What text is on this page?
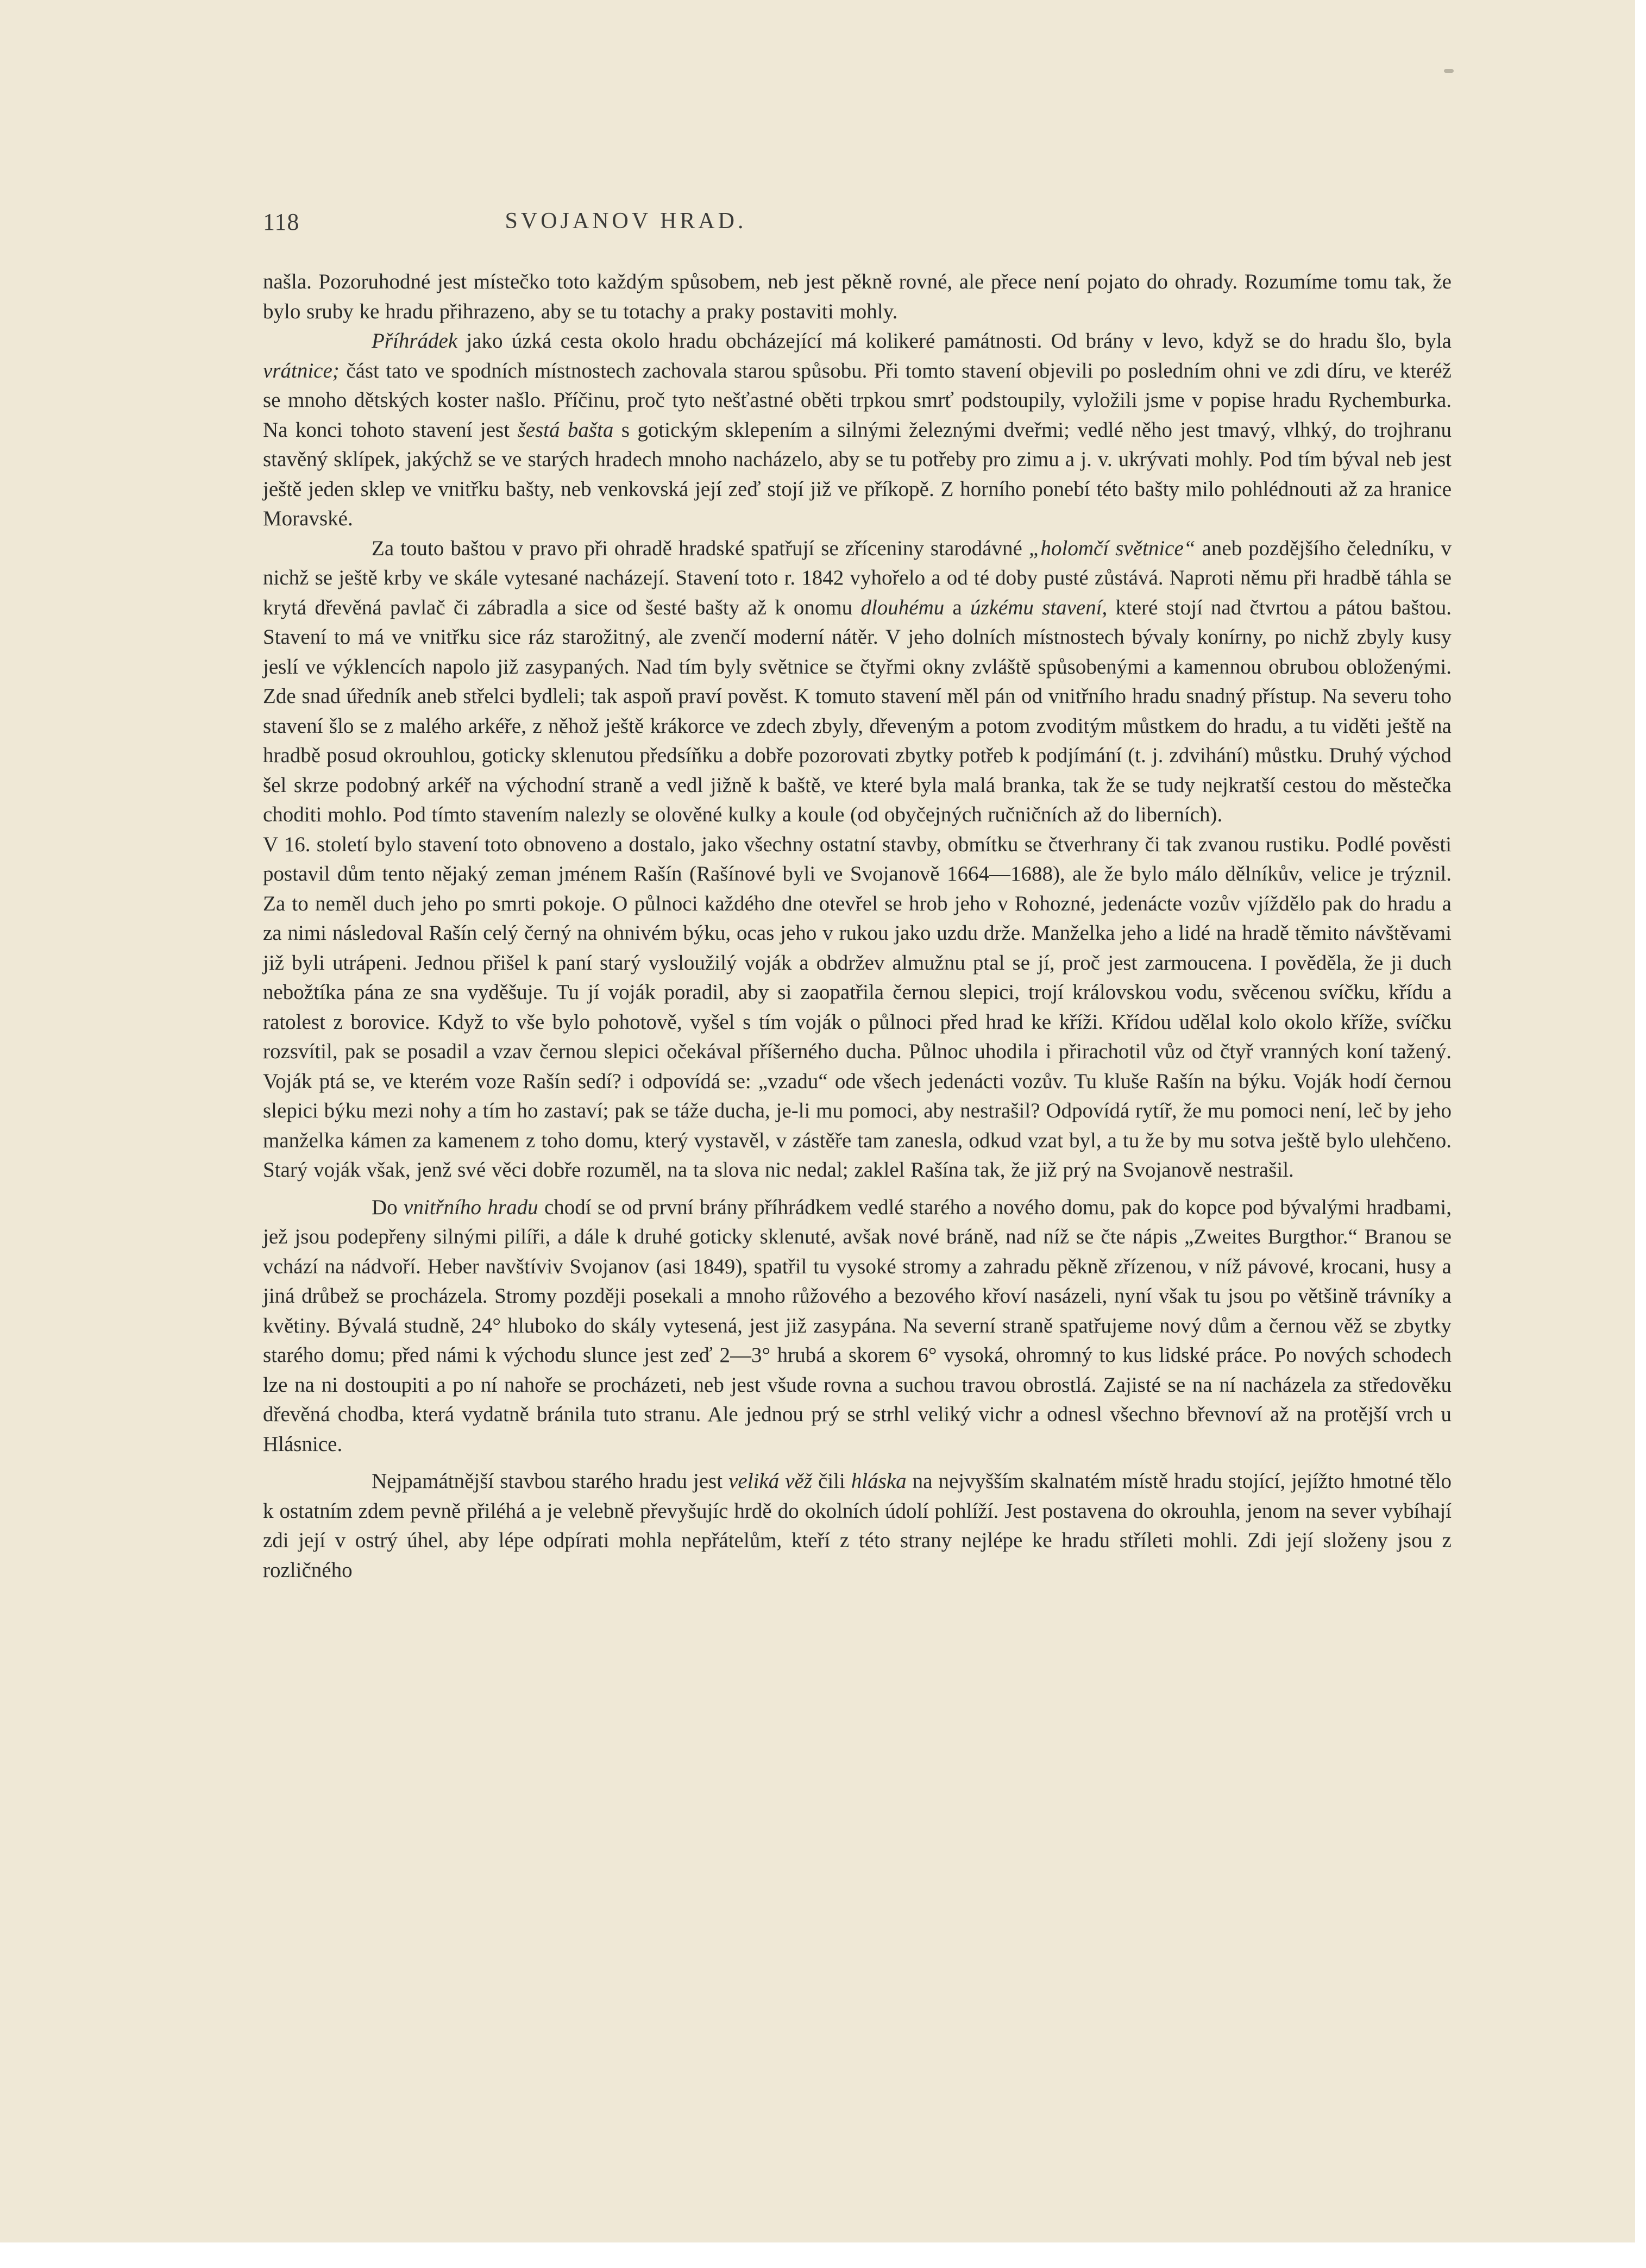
118	SVOJANOV HRAD.

našla. Pozoruhodné jest místečko toto každým spůsobem, neb jest pěkně rovné, ale přece není pojato do ohrady. Rozumíme tomu tak, že bylo sruby ke hradu přihrazeno, aby se tu totachy a praky postaviti mohly.

Příhrádek jako úzká cesta okolo hradu obcházející má kolikeré památnosti. Od brány v levo, když se do hradu šlo, byla vrátnice; část tato ve spodních místnostech zachovala starou spůsobu. Při tomto stavení objevili po posledním ohni ve zdi díru, ve kteréž se mnoho dětských koster našlo. Příčinu, proč tyto nešťastné oběti trpkou smrť podstoupily, vyložili jsme v popise hradu Rychemburka. Na konci tohoto stavení jest šestá bašta s gotickým sklepením a silnými železnými dveřmi; vedlé něho jest tmavý, vlhký, do trojhranu stavěný sklípek, jakýchž se ve starých hradech mnoho nacházelo, aby se tu potřeby pro zimu a j. v. ukrývati mohly. Pod tím býval neb jest ještě jeden sklep ve vnitřku bašty, neb venkovská její zeď stojí již ve příkopě. Z horního ponebí této bašty milo pohlédnouti až za hranice Moravské.

Za touto baštou v pravo při ohradě hradské spatřují se zříceniny starodávné „holomčí světnice“ aneb pozdějšího čeledníku, v nichž se ještě krby ve skále vytesané nacházejí. Stavení toto r. 1842 vyhořelo a od té doby pusté zůstává. Naproti němu při hradbě táhla se krytá dřevěná pavlač či zábradla a sice od šesté bašty až k onomu dlouhému a úzkému stavení, které stojí nad čtvrtou a pátou baštou. Stavení to má ve vnitřku sice ráz starožitný, ale zvenčí moderní nátěr. V jeho dolních místnostech bývaly konírny, po nichž zbyly kusy jeslí ve výklencích napolo již zasypaných. Nad tím byly světnice se čtyřmi okny zvláště spůsobenými a kamennou obrubou obloženými. Zde snad úředník aneb střelci bydleli; tak aspoň praví pověst. K tomuto stavení měl pán od vnitřního hradu snadný přístup. Na severu toho stavení šlo se z malého arkéře, z něhož ještě krákorce ve zdech zbyly, dřeveným a potom zvoditým můstkem do hradu, a tu viděti ještě na hradbě posud okrouhlou, goticky sklenutou předsíňku a dobře pozorovati zbytky potřeb k podjímání (t. j. zdvihání) můstku. Druhý východ šel skrze podobný arkéř na východní straně a vedl jižně k baště, ve které byla malá branka, tak že se tudy nejkratší cestou do městečka choditi mohlo. Pod tímto stavením nalezly se olověné kulky a koule (od obyčejných ručničních až do liberních).

V 16. století bylo stavení toto obnoveno a dostalo, jako všechny ostatní stavby, obmítku se čtverhrany či tak zvanou rustiku. Podlé pověsti postavil dům tento nějaký zeman jménem Rašín (Rašínové byli ve Svojanově 1664—1688), ale že bylo málo dělníkův, velice je trýznil. Za to neměl duch jeho po smrti pokoje. O půlnoci každého dne otevřel se hrob jeho v Rohozné, jedenácte vozův vjíždělo pak do hradu a za nimi následoval Rašín celý černý na ohnivém býku, ocas jeho v rukou jako uzdu drže. Manželka jeho a lidé na hradě těmito návštěvami již byli utrápeni. Jednou přišel k paní starý vysloužilý voják a obdržev almužnu ptal se jí, proč jest zarmoucena. I pověděla, že ji duch nebožtíka pána ze sna vyděšuje. Tu jí voják poradil, aby si zaopatřila černou slepici, trojí královskou vodu, svěcenou svíčku, křídu a ratolest z borovice. Když to vše bylo pohotově, vyšel s tím voják o půlnoci před hrad ke kříži. Křídou udělal kolo okolo kříže, svíčku rozsvítil, pak se posadil a vzav černou slepici očekával příšerného ducha. Půlnoc uhodila i přirachotil vůz od čtyř vranných koní tažený. Voják ptá se, ve kterém voze Rašín sedí? i odpovídá se: „vzadu“ ode všech jedenácti vozův. Tu kluše Rašín na býku. Voják hodí černou slepici býku mezi nohy a tím ho zastaví; pak se táže ducha, je-li mu pomoci, aby nestrašil? Odpovídá rytíř, že mu pomoci není, leč by jeho manželka kámen za kamenem z toho domu, který vystavěl, v zástěře tam zanesla, odkud vzat byl, a tu že by mu sotva ještě bylo ulehčeno. Starý voják však, jenž své věci dobře rozuměl, na ta slova nic nedal; zaklel Rašína tak, že již prý na Svojanově nestrašil.

Do vnitřního hradu chodí se od první brány příhrádkem vedlé starého a nového domu, pak do kopce pod bývalými hradbami, jež jsou podepřeny silnými pilíři, a dále k druhé goticky sklenuté, avšak nové bráně, nad níž se čte nápis „Zweites Burgthor.“ Branou se vchází na nádvoří. Heber navštíviv Svojanov (asi 1849), spatřil tu vysoké stromy a zahradu pěkně zřízenou, v níž pávové, krocani, husy a jiná drůbež se procházela. Stromy později posekali a mnoho růžového a bezového křoví nasázeli, nyní však tu jsou po většině trávníky a květiny. Bývalá studně, 24° hluboko do skály vytesená, jest již zasypána. Na severní straně spatřujeme nový dům a černou věž se zbytky starého domu; před námi k východu slunce jest zeď 2—3° hrubá a skorem 6° vysoká, ohromný to kus lidské práce. Po nových schodech lze na ni dostoupiti a po ní nahoře se procházeti, neb jest všude rovna a suchou travou obrostlá. Zajisté se na ní nacházela za středověku dřevěná chodba, která vydatně bránila tuto stranu. Ale jednou prý se strhl veliký vichr a odnesl všechno břevnoví až na protější vrch u Hlásnice.

Nejpamátnější stavbou starého hradu jest veliká věž čili hláska na nejvyšším skalnatém místě hradu stojící, jejížto hmotné tělo k ostatním zdem pevně přiléhá a je velebně převyšujíc hrdě do okolních údolí pohlíží. Jest postavena do okrouhla, jenom na sever vybíhají zdi její v ostrý úhel, aby lépe odpírati mohla nepřátelům, kteří z této strany nejlépe ke hradu stříleti mohli. Zdi její složeny jsou z rozličného
